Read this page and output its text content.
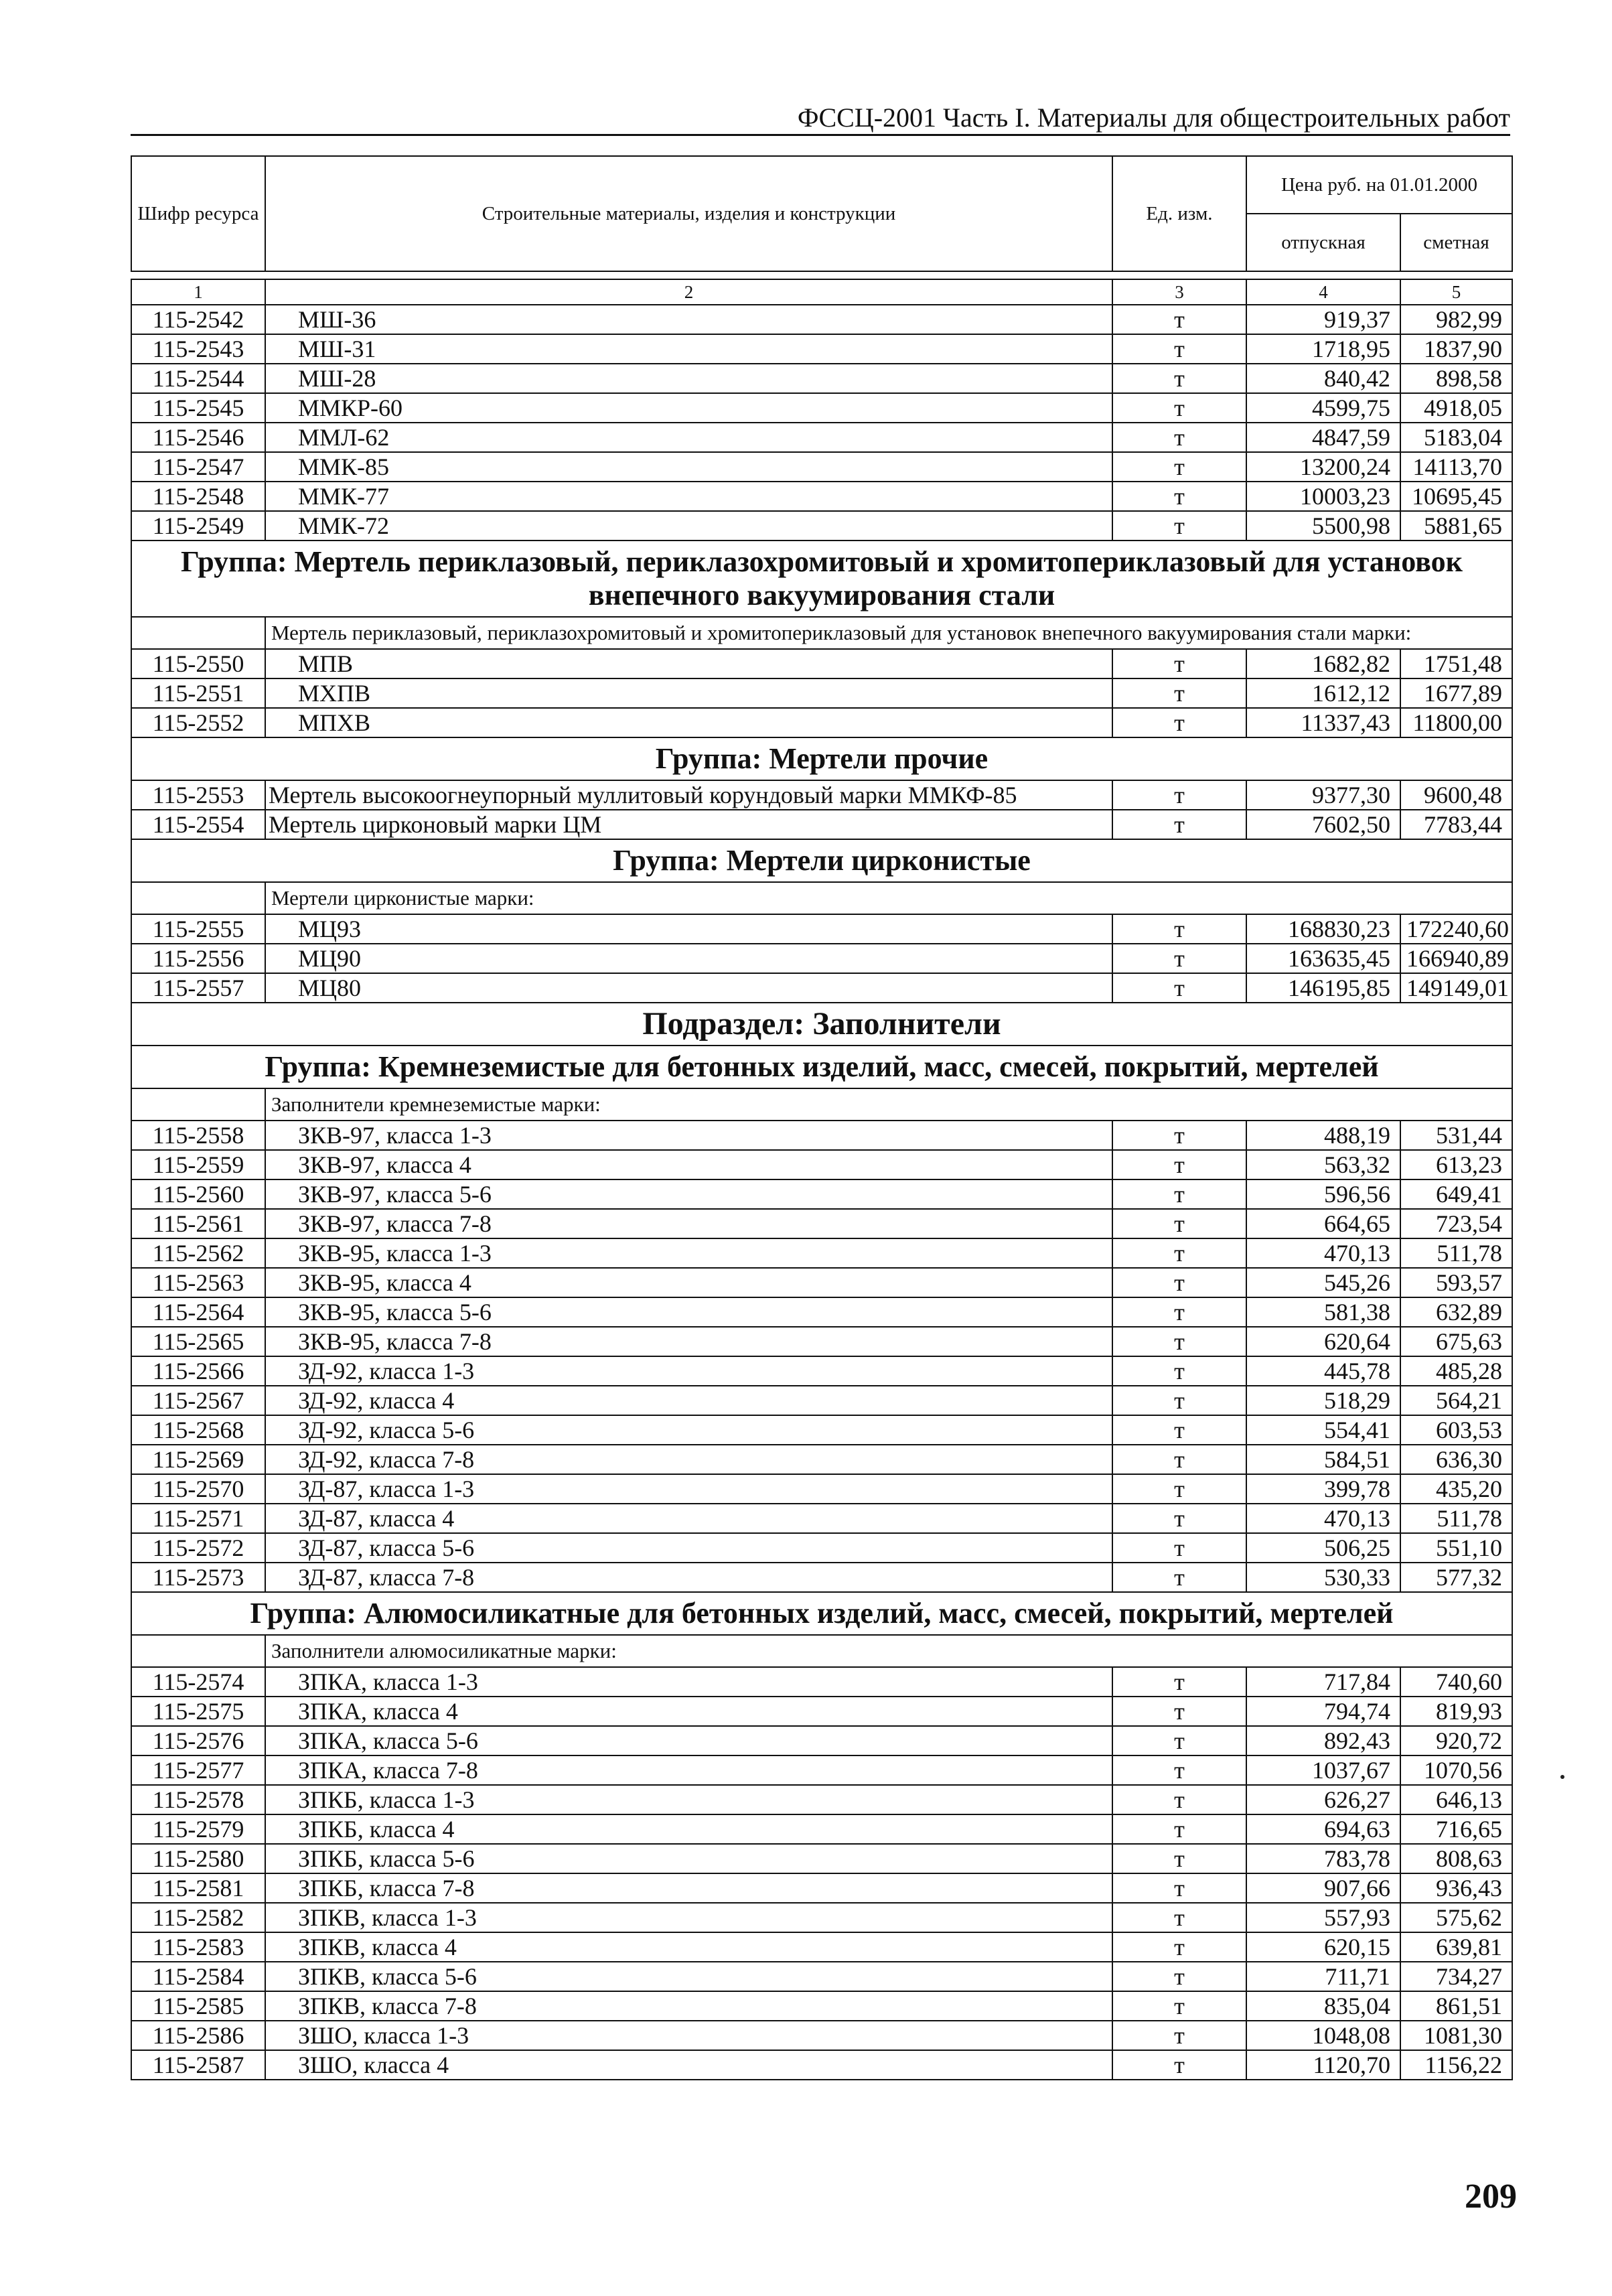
ФССЦ-2001 Часть I. Материалы для общестроительных работ
Шифр ресурса	Строительные материалы, изделия и конструкции	Ед. изм.	Цена руб. на 01.01.2000	
			отпускная	сметная

1	2	3	4	5
115-2542	МШ-36	т	919,37	982,99
115-2543	МШ-31	т	1718,95	1837,90
115-2544	МШ-28	т	840,42	898,58
115-2545	ММКР-60	т	4599,75	4918,05
115-2546	ММЛ-62	т	4847,59	5183,04
115-2547	ММК-85	т	13200,24	14113,70
115-2548	ММК-77	т	10003,23	10695,45
115-2549	ММК-72	т	5500,98	5881,65
Группа: Мертель периклазовый, периклазохромитовый и хромитопериклазовый для установок внепечного вакуумирования стали				
	Мертель периклазовый, периклазохромитовый и хромитопериклазовый для установок внепечного вакуумирования стали марки:			
115-2550	МПВ	т	1682,82	1751,48
115-2551	МХПВ	т	1612,12	1677,89
115-2552	МПХВ	т	11337,43	11800,00
Группа: Мертели прочие				
115-2553	Мертель высокоогнеупорный муллитовый корундовый марки ММКФ-85	т	9377,30	9600,48
115-2554	Мертель цирконовый марки ЦМ	т	7602,50	7783,44
Группа: Мертели цирконистые				
	Мертели цирконистые марки:			
115-2555	МЦ93	т	168830,23	172240,60
115-2556	МЦ90	т	163635,45	166940,89
115-2557	МЦ80	т	146195,85	149149,01
Подраздел: Заполнители				
Группа: Кремнеземистые для бетонных изделий, масс, смесей, покрытий, мертелей				
	Заполнители кремнеземистые марки:			
115-2558	ЗКВ-97, класса 1-3	т	488,19	531,44
115-2559	ЗКВ-97, класса 4	т	563,32	613,23
115-2560	ЗКВ-97, класса 5-6	т	596,56	649,41
115-2561	ЗКВ-97, класса 7-8	т	664,65	723,54
115-2562	ЗКВ-95, класса 1-3	т	470,13	511,78
115-2563	ЗКВ-95, класса 4	т	545,26	593,57
115-2564	ЗКВ-95, класса 5-6	т	581,38	632,89
115-2565	ЗКВ-95, класса 7-8	т	620,64	675,63
115-2566	ЗД-92, класса 1-3	т	445,78	485,28
115-2567	ЗД-92, класса 4	т	518,29	564,21
115-2568	ЗД-92, класса 5-6	т	554,41	603,53
115-2569	ЗД-92, класса 7-8	т	584,51	636,30
115-2570	ЗД-87, класса 1-3	т	399,78	435,20
115-2571	ЗД-87, класса 4	т	470,13	511,78
115-2572	ЗД-87, класса 5-6	т	506,25	551,10
115-2573	ЗД-87, класса 7-8	т	530,33	577,32
Группа: Алюмосиликатные для бетонных изделий, масс, смесей, покрытий, мертелей				
	Заполнители алюмосиликатные марки:			
115-2574	ЗПКА, класса 1-3	т	717,84	740,60
115-2575	ЗПКА, класса 4	т	794,74	819,93
115-2576	ЗПКА, класса 5-6	т	892,43	920,72
115-2577	ЗПКА, класса 7-8	т	1037,67	1070,56
115-2578	ЗПКБ, класса 1-3	т	626,27	646,13
115-2579	ЗПКБ, класса 4	т	694,63	716,65
115-2580	ЗПКБ, класса 5-6	т	783,78	808,63
115-2581	ЗПКБ, класса 7-8	т	907,66	936,43
115-2582	ЗПКВ, класса 1-3	т	557,93	575,62
115-2583	ЗПКВ, класса 4	т	620,15	639,81
115-2584	ЗПКВ, класса 5-6	т	711,71	734,27
115-2585	ЗПКВ, класса 7-8	т	835,04	861,51
115-2586	ЗШО, класса 1-3	т	1048,08	1081,30
115-2587	ЗШО, класса 4	т	1120,70	1156,22
209
